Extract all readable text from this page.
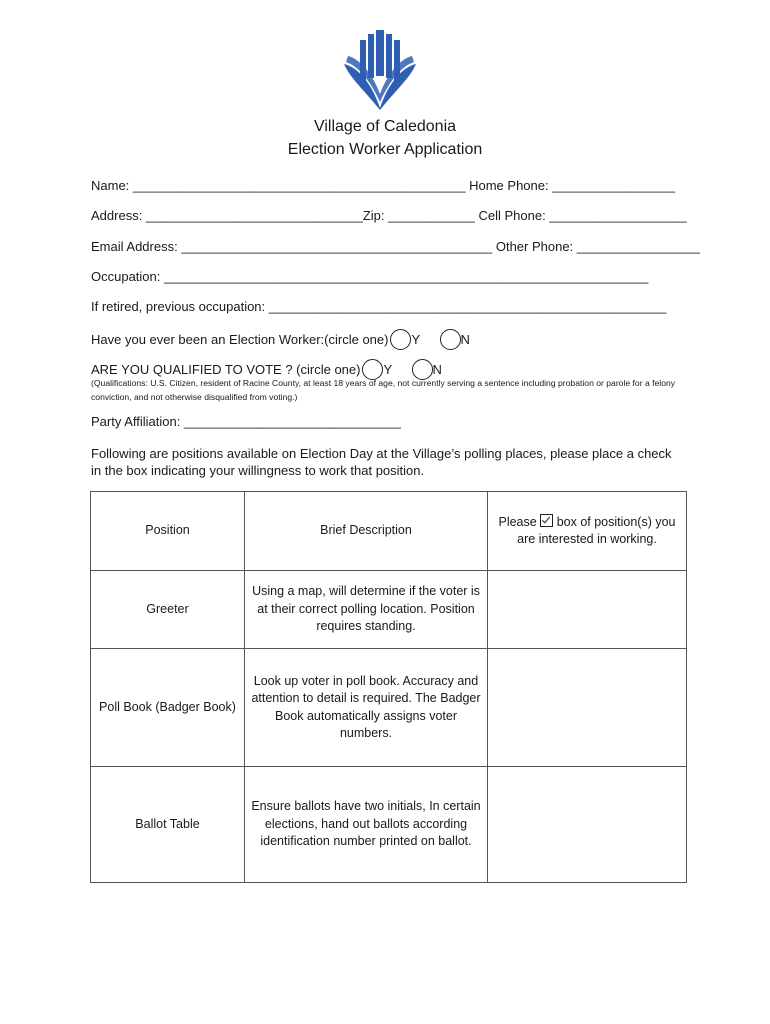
Village of Caledonia
Election Worker Application
Name: ______________________________________________ Home Phone: _________________
Address: ______________________________Zip: ____________ Cell Phone: ___________________
Email Address: ___________________________________________ Other Phone: _________________
Occupation: ___________________________________________________________________
If retired, previous occupation: _______________________________________________________
Have you ever been an Election Worker:(circle one) Y	N
ARE YOU QUALIFIED TO VOTE ? (circle one) Y	N
(Qualifications: U.S. Citizen, resident of Racine County, at least 18 years of age, not currently serving a sentence including probation or parole for a felony conviction, and not otherwise disqualified from voting.)
Party Affiliation: ______________________________
Following are positions available on Election Day at the Village’s polling places, please place a check in the box indicating your willingness to work that position.
Position	Brief Description	Please box of position(s) you are interested in working.
Greeter	Using a map, will determine if the voter is at their correct polling location. Position requires standing.	
Poll Book (Badger Book)	Look up voter in poll book. Accuracy and attention to detail is required. The Badger Book automatically assigns voter numbers.	
Ballot Table	Ensure ballots have two initials, In certain elections, hand out ballots according identification number printed on ballot.	
